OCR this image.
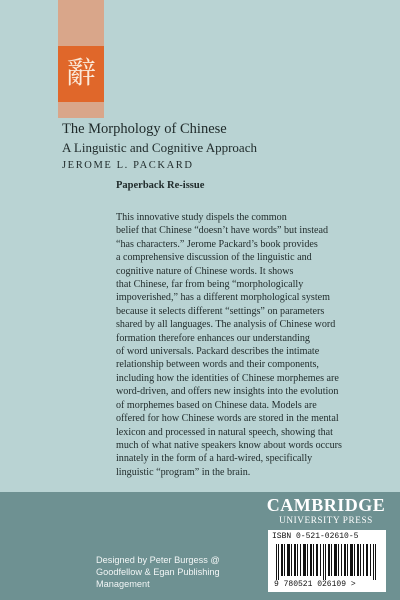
辭
The Morphology of Chinese
A Linguistic and Cognitive Approach
JEROME L. PACKARD
Paperback Re-issue

This innovative study dispels the common
belief that Chinese “doesn’t have words” but instead
“has characters.” Jerome Packard’s book provides
a comprehensive discussion of the linguistic and
cognitive nature of Chinese words. It shows
that Chinese, far from being “morphologically
impoverished,” has a different morphological system
because it selects different “settings” on parameters
shared by all languages. The analysis of Chinese word
formation therefore enhances our understanding
of word universals. Packard describes the intimate
relationship between words and their components,
including how the identities of Chinese morphemes are
word-driven, and offers new insights into the evolution
of morphemes based on Chinese data. Models are
offered for how Chinese words are stored in the mental
lexicon and processed in natural speech, showing that
much of what native speakers know about words occurs
innately in the form of a hard-wired, specifically
linguistic “program” in the brain.

Designed by Peter Burgess @
Goodfellow & Egan Publishing
Management
CAMBRIDGE
UNIVERSITY PRESS
ISBN 0-521-02610-5
9 780521 026109 >
